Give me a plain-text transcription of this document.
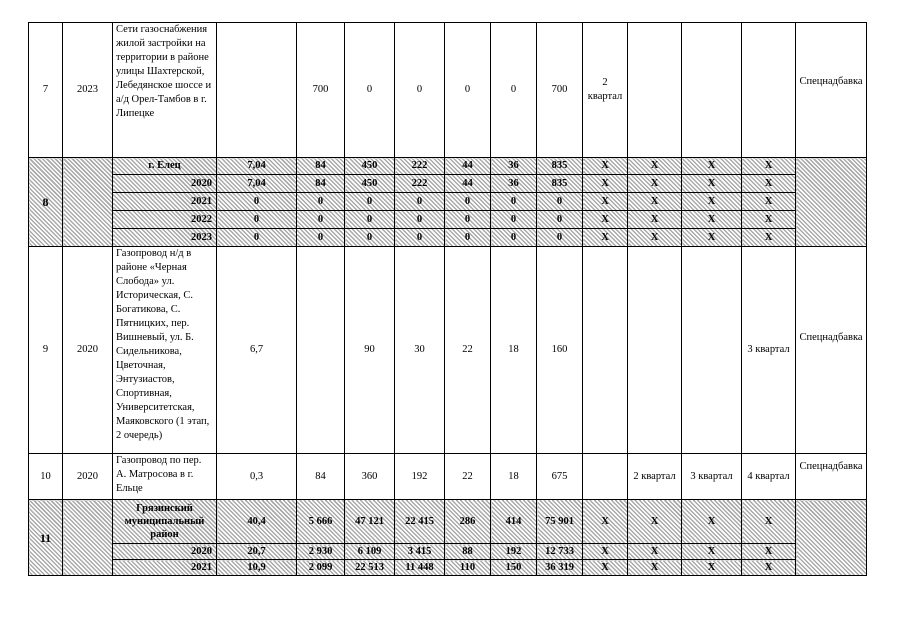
7	2023	Сети газоснабжения жилой застройки на территории в районе улицы Шахтерской, Лебедянское шоссе и а/д Орел-Тамбов в г. Липецке		700	0	0	0	0	700	2 квартал				Спецнадбавка
8		г. Елец	7,04	84	450	222	44	36	835	Х	Х	Х	Х	
		2020	7,04	84	450	222	44	36	835	Х	Х	Х	Х	
		2021	0	0	0	0	0	0	0	Х	Х	Х	Х	
		2022	0	0	0	0	0	0	0	Х	Х	Х	Х	
		2023	0	0	0	0	0	0	0	Х	Х	Х	Х	
9	2020	Газопровод н/д в районе «Черная Слобода» ул. Историческая, С. Богатикова, С. Пятницких, пер. Вишневый, ул. Б. Сидельникова, Цветочная, Энтузиастов, Спортивная, Университетская, Маяковского (1 этап, 2 очередь)	6,7		90	30	22	18	160				3 квартал	Спецнадбавка
10	2020	Газопровод по пер. А. Матросова в г. Ельце	0,3	84	360	192	22	18	675		2 квартал	3 квартал	4 квартал	Спецнадбавка
11		Грязинский муниципальный район	40,4	5 666	47 121	22 415	286	414	75 901	Х	Х	Х	Х	
		2020	20,7	2 930	6 109	3 415	88	192	12 733	Х	Х	Х	Х	
		2021	10,9	2 099	22 513	11 448	110	150	36 319	Х	Х	Х	Х	
